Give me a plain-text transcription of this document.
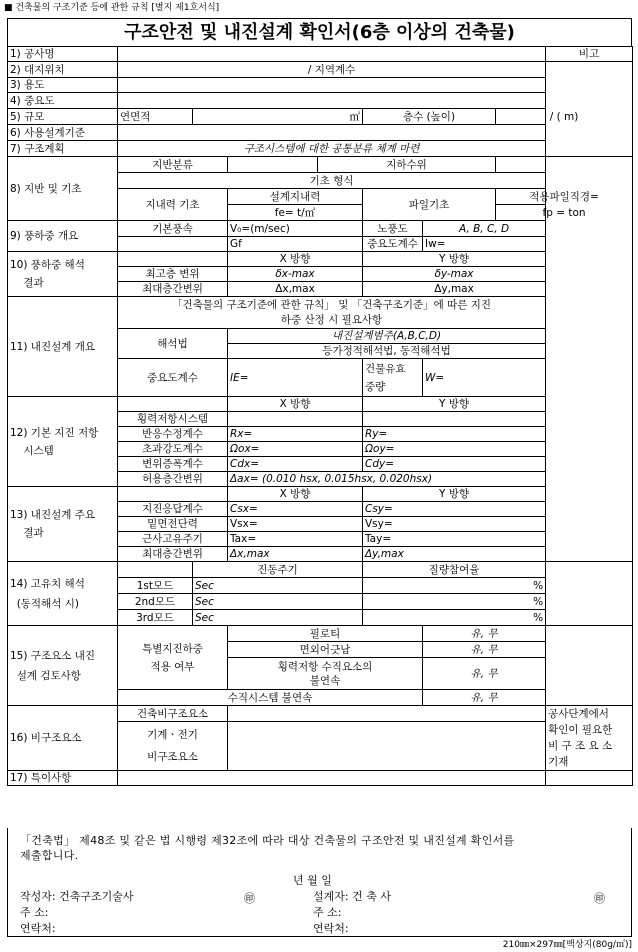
■ 건축물의 구조기준 등에 관한 규칙 [별지 제1호서식]
구조안전 및 내진설계 확인서(6층 이상의 건축물)
1) 공사명								비고
2) 대지위치	/ 지역계수							
3) 용도								
4) 중요도								
5) 규모	연면적	㎡			층수 (높이)		/ ( m)	
6) 사용설계기준								
7) 구조계획	구조시스템에 대한 공통분류 체계 마련							
8) 지반 및 기초	지반분류			지하수위				
	기초 형식							
	지내력 기초		설계지내력		파일기초		적용파일직경=	
			fe= t/㎡				fp = ton	
9) 풍하중 개요	기본풍속		V₀=(m/sec)		노풍도	A, B, C, D		
			Gf		중요도계수	Iw=		
10) 풍하중 해석
결과			X 방향		Y 방향			
	최고층 변위		δx-max		δy-max			
	최대층간변위		Δx,max		Δy,max			
11) 내진설계 개요	「건축물의 구조기준에 관한 규칙」 및 「건축구조기준」에 따른 지진
하중 산정 시 필요사항							
	해석법		내진설계범주(A,B,C,D)					
			등가정적해석법, 동적해석법					
	중요도계수		IE=		건물유효
중량	W=		
12) 기본 지진 저항
시스템			X 방향		Y 방향			
	횡력저항시스템							
	반응수정계수		Rx=		Ry=			
	초과강도계수		Ωox=		Ωoy=			
	변위증폭계수		Cdx=		Cdy=			
	허용층간변위		Δax= (0.010 hsx, 0.015hsx, 0.020hsx)					
13) 내진설계 주요
결과			X 방향		Y 방향			
	지진응답계수		Csx=		Csy=			
	밑면전단력		Vsx=		Vsy=			
	근사고유주기		Tax=		Tay=			
	최대층간변위		Δx,max		Δy,max			
14) 고유치 해석
(동적해석 시)		진동주기			질량참여율			
	1st모드	Sec			%			
	2nd모드	Sec			%			
	3rd모드	Sec			%			
15) 구조요소 내진
설계 검토사항	특별지진하중
적용 여부		필로티			유, 무		
			면외어긋남			유, 무		
			횡력저항 수직요소의
불연속			유, 무		
	수직시스템 불연속					유, 무		
16) 비구조요소	건축비구조요소							공사단계에서
확인이 필요한
비 구 조 요 소
기재
	기계ㆍ전기
비구조요소							
17) 특이사항								
「건축법」 제48조 및 같은 법 시행령 제32조에 따라 대상 건축물의 구조안전 및 내진설계 확인서를
제출합니다.
년 월 일
작성자: 건축구조기술사	㊞
주 소:
연락처:
설계자: 건 축 사	㊞
주 소:
연락처:
210㎜×297㎜[백상지(80g/㎡)]
